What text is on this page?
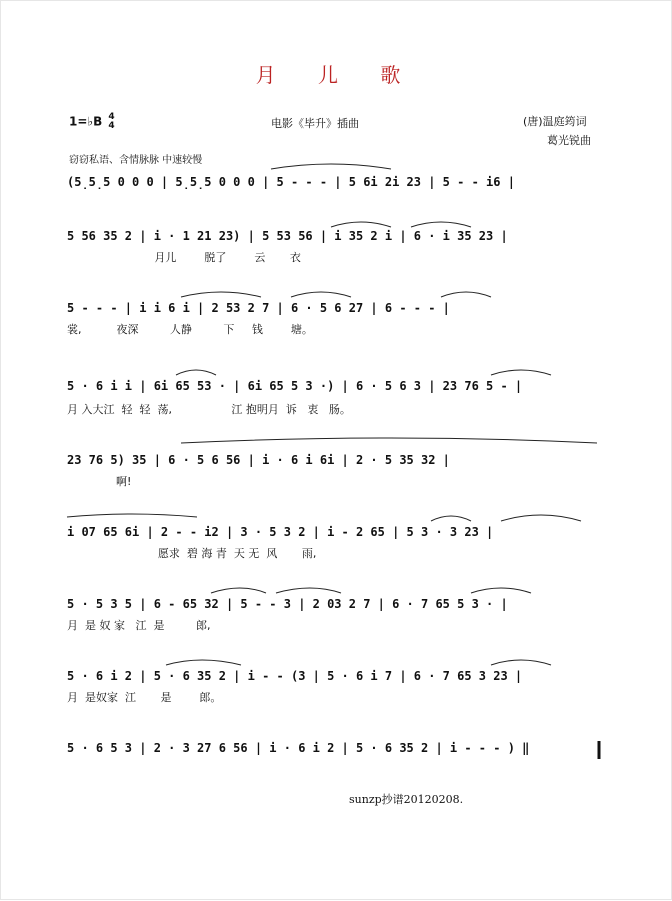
月 儿 歌
1=♭B 4
4	电影《毕升》插曲	(唐)温庭筠词
葛光锐曲
窃窃私语、含情脉脉 中速较慢
(5̣5̣5 0 0 0 | 5̣5̣5 0 0 0 | 5 - - - | 5 6i 2i 23 | 5 - - i6 |
5 56 35 2 | i · 1 21 23) | 5 53 56 | i 35 2 i | 6 · i 35 23 |
月儿        脱了        云       衣
5 - - - | i i 6 i | 2 53 2 7 | 6 · 5 6 27 | 6 - - - |
裳,          夜深         人静         下     钱        塘。
5 · 6 i i | 6i 65 53 · | 6i 65 5 3 ·) | 6 · 5 6 3 | 23 76 5 - |
月 入大江  轻  轻  荡,                 江 抱明月  诉   衷   肠。
23 76 5) 35 | 6 · 5 6 56 | i · 6 i 6i | 2 · 5 35 32 |
啊!
i 07 65 6i | 2 - - i2 | 3 · 5 3 2 | i - 2 65 | 5 3 · 3 23 |
愿求  碧 海 青  天 无  风       雨,
5 · 5 3 5 | 6 - 65 32 | 5 - - 3 | 2 03 2 7 | 6 · 7 65 5 3 · |
月  是 奴 家   江  是         郎,
5 · 6 i 2 | 5 · 6 35 2 | i - - (3 | 5 · 6 i 7 | 6 · 7 65 3 23 |
月  是奴家  江       是        郎。
5 · 6 5 3 | 2 · 3 27 6 56 | i · 6 i 2 | 5 · 6 35 2 | i - - - ) ‖
sunzp抄谱20120208.
